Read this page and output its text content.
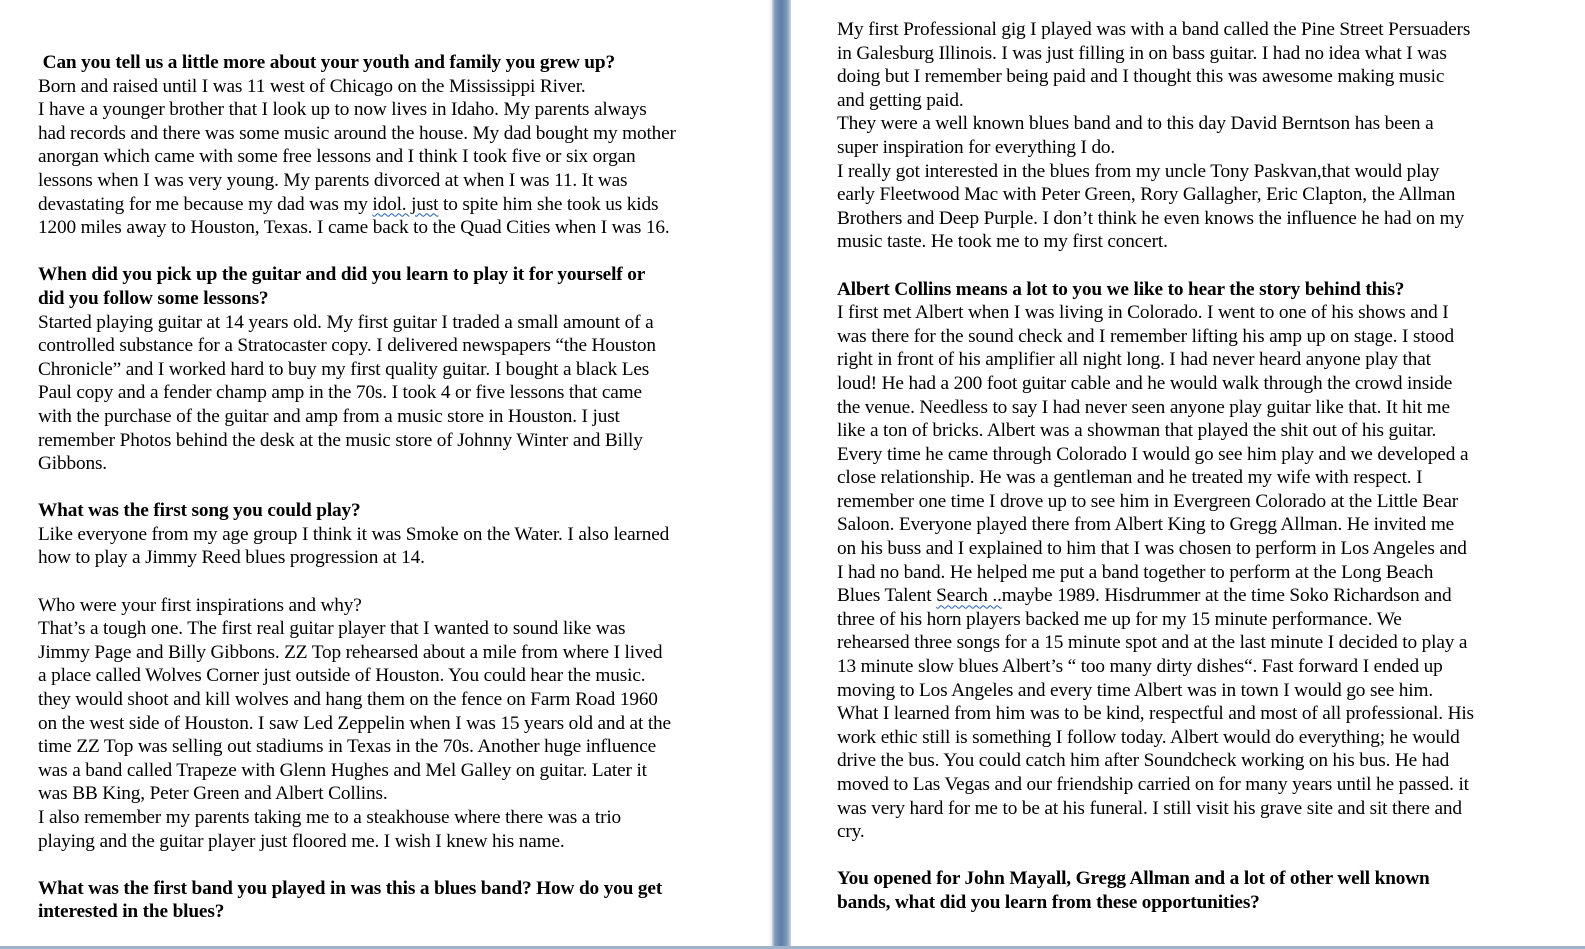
Can you tell us a little more about your youth and family you grew up?
Born and raised until I was 11 west of Chicago on the Mississippi River.
I have a younger brother that I look up to now lives in Idaho. My parents always
had records and there was some music around the house. My dad bought my mother
anorgan which came with some free lessons and I think I took five or six organ
lessons when I was very young. My parents divorced at when I was 11. It was
devastating for me because my dad was my idol. just to spite him she took us kids
1200 miles away to Houston, Texas. I came back to the Quad Cities when I was 16.
When did you pick up the guitar and did you learn to play it for yourself or
did you follow some lessons?
Started playing guitar at 14 years old. My first guitar I traded a small amount of a
controlled substance for a Stratocaster copy. I delivered newspapers “the Houston
Chronicle” and I worked hard to buy my first quality guitar. I bought a black Les
Paul copy and a fender champ amp in the 70s. I took 4 or five lessons that came
with the purchase of the guitar and amp from a music store in Houston. I just
remember Photos behind the desk at the music store of Johnny Winter and Billy
Gibbons.
What was the first song you could play?
Like everyone from my age group I think it was Smoke on the Water. I also learned
how to play a Jimmy Reed blues progression at 14.
Who were your first inspirations and why?
That’s a tough one. The first real guitar player that I wanted to sound like was
Jimmy Page and Billy Gibbons. ZZ Top rehearsed about a mile from where I lived
a place called Wolves Corner just outside of Houston. You could hear the music.
they would shoot and kill wolves and hang them on the fence on Farm Road 1960
on the west side of Houston. I saw Led Zeppelin when I was 15 years old and at the
time ZZ Top was selling out stadiums in Texas in the 70s. Another huge influence
was a band called Trapeze with Glenn Hughes and Mel Galley on guitar. Later it
was BB King, Peter Green and Albert Collins.
I also remember my parents taking me to a steakhouse where there was a trio
playing and the guitar player just floored me. I wish I knew his name.
What was the first band you played in was this a blues band? How do you get
interested in the blues?
My first Professional gig I played was with a band called the Pine Street Persuaders
in Galesburg Illinois. I was just filling in on bass guitar. I had no idea what I was
doing but I remember being paid and I thought this was awesome making music
and getting paid.
They were a well known blues band and to this day David Berntson has been a
super inspiration for everything I do.
I really got interested in the blues from my uncle Tony Paskvan,that would play
early Fleetwood Mac with Peter Green, Rory Gallagher, Eric Clapton, the Allman
Brothers and Deep Purple. I don’t think he even knows the influence he had on my
music taste. He took me to my first concert.
Albert Collins means a lot to you we like to hear the story behind this?
I first met Albert when I was living in Colorado. I went to one of his shows and I
was there for the sound check and I remember lifting his amp up on stage. I stood
right in front of his amplifier all night long. I had never heard anyone play that
loud! He had a 200 foot guitar cable and he would walk through the crowd inside
the venue. Needless to say I had never seen anyone play guitar like that. It hit me
like a ton of bricks. Albert was a showman that played the shit out of his guitar.
Every time he came through Colorado I would go see him play and we developed a
close relationship. He was a gentleman and he treated my wife with respect. I
remember one time I drove up to see him in Evergreen Colorado at the Little Bear
Saloon. Everyone played there from Albert King to Gregg Allman. He invited me
on his buss and I explained to him that I was chosen to perform in Los Angeles and
I had no band. He helped me put a band together to perform at the Long Beach
Blues Talent Search ..maybe 1989. Hisdrummer at the time Soko Richardson and
three of his horn players backed me up for my 15 minute performance. We
rehearsed three songs for a 15 minute spot and at the last minute I decided to play a
13 minute slow blues Albert’s “ too many dirty dishes“. Fast forward I ended up
moving to Los Angeles and every time Albert was in town I would go see him.
What I learned from him was to be kind, respectful and most of all professional. His
work ethic still is something I follow today. Albert would do everything; he would
drive the bus. You could catch him after Soundcheck working on his bus. He had
moved to Las Vegas and our friendship carried on for many years until he passed. it
was very hard for me to be at his funeral. I still visit his grave site and sit there and
cry.
You opened for John Mayall, Gregg Allman and a lot of other well known
bands, what did you learn from these opportunities?
